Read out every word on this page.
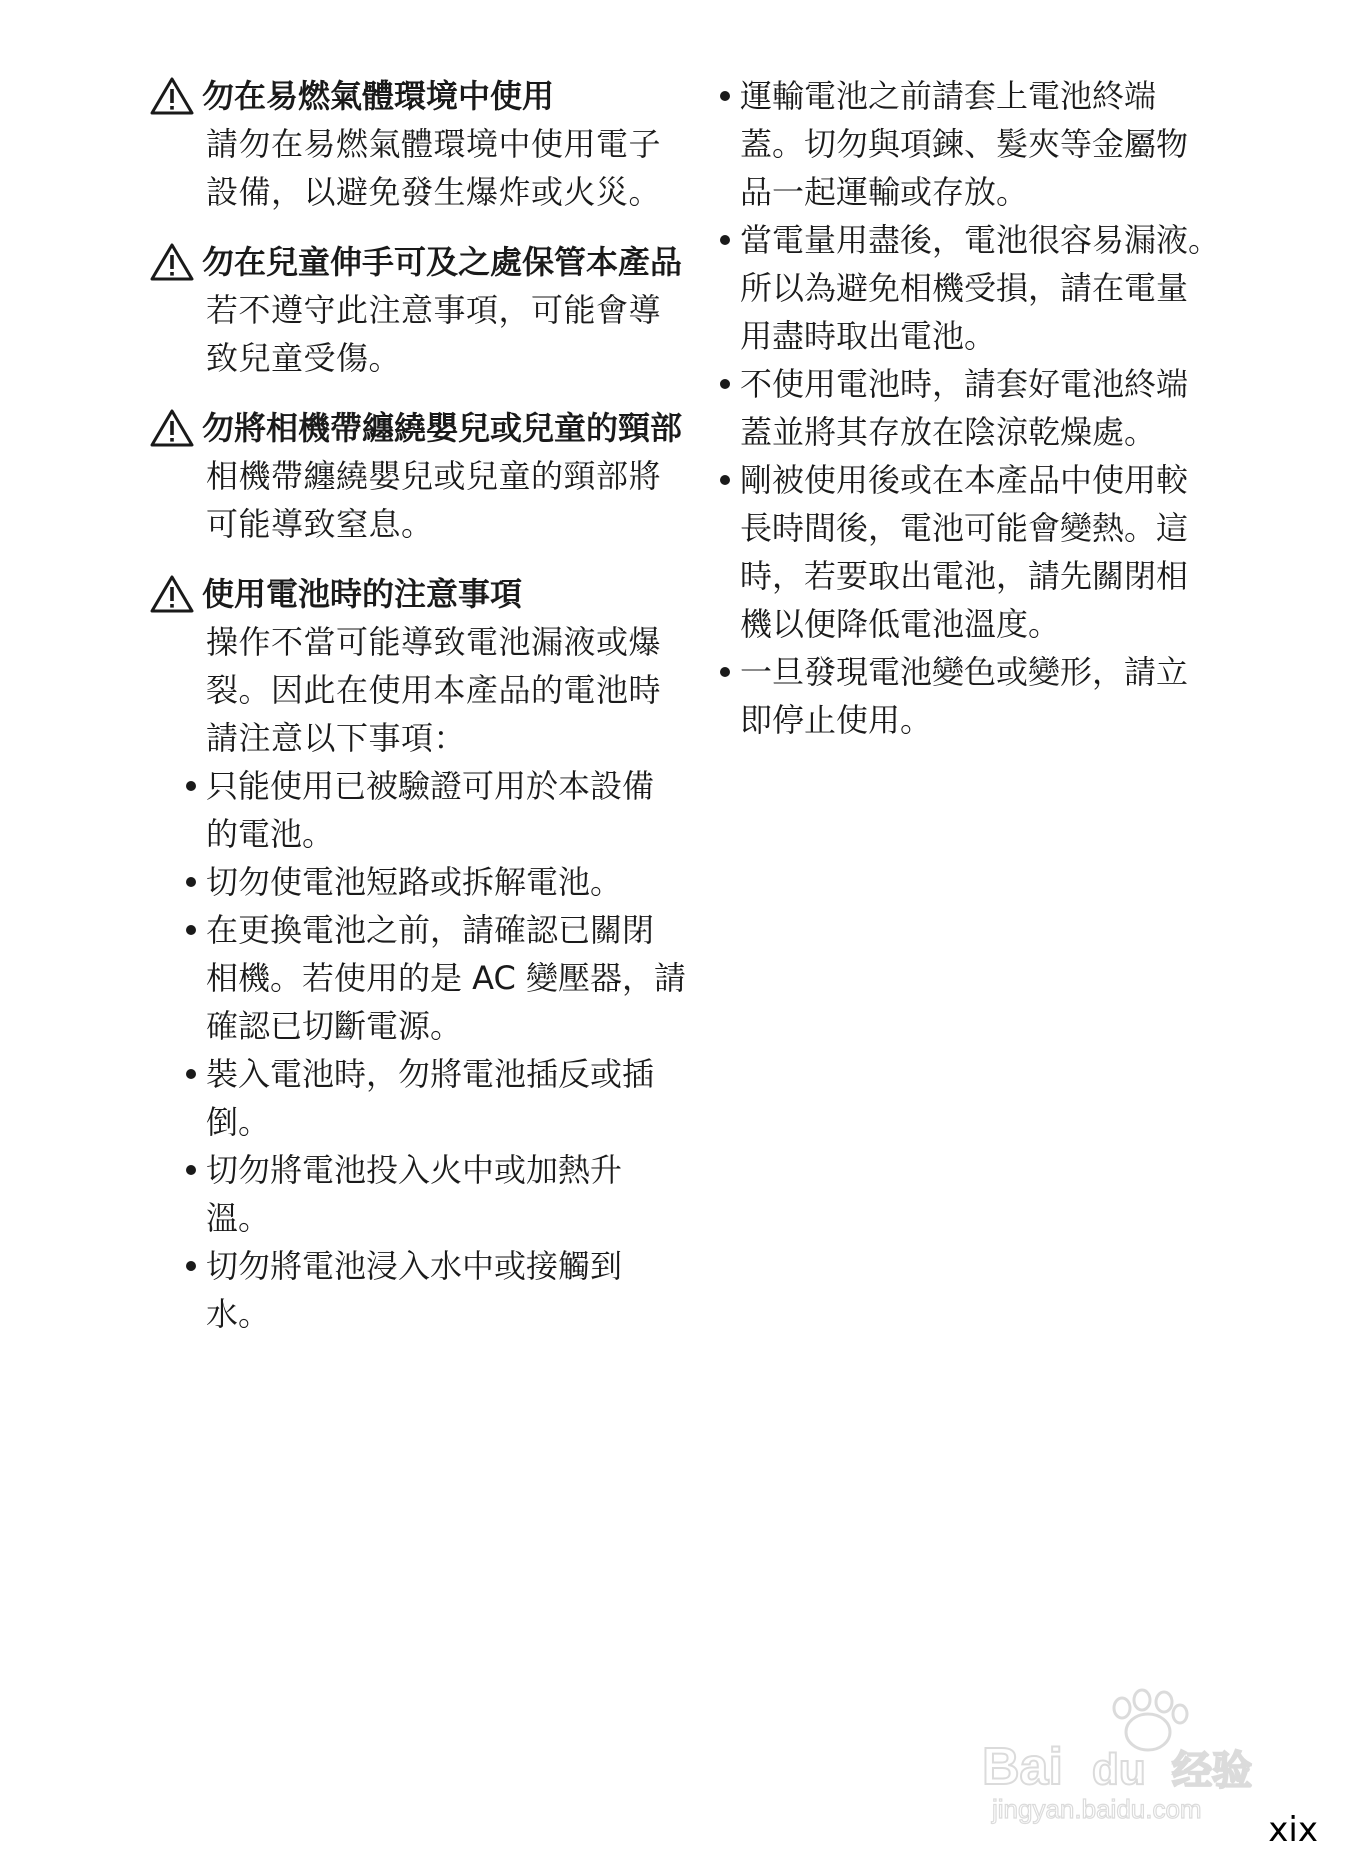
勿在易燃氣體環境中使用
請勿在易燃氣體環境中使用電子
設備，以避免發生爆炸或火災。
勿在兒童伸手可及之處保管本產品
若不遵守此注意事項，可能會導
致兒童受傷。
勿將相機帶纏繞嬰兒或兒童的頸部
相機帶纏繞嬰兒或兒童的頸部將
可能導致窒息。
使用電池時的注意事項
操作不當可能導致電池漏液或爆
裂。因此在使用本產品的電池時
請注意以下事項：
只能使用已被驗證可用於本設備
的電池。
切勿使電池短路或拆解電池。
在更換電池之前，請確認已關閉
相機。若使用的是 AC 變壓器，請
確認已切斷電源。
裝入電池時，勿將電池插反或插
倒。
切勿將電池投入火中或加熱升
溫。
切勿將電池浸入水中或接觸到
水。
運輸電池之前請套上電池終端
蓋。切勿與項鍊、髮夾等金屬物
品一起運輸或存放。
當電量用盡後，電池很容易漏液。
所以為避免相機受損，請在電量
用盡時取出電池。
不使用電池時，請套好電池終端
蓋並將其存放在陰涼乾燥處。
剛被使用後或在本產品中使用較
長時間後，電池可能會變熱。這
時，若要取出電池，請先關閉相
機以便降低電池溫度。
一旦發現電池變色或變形，請立
即停止使用。
Bai du 经验
jingyan.baidu.com
xix
